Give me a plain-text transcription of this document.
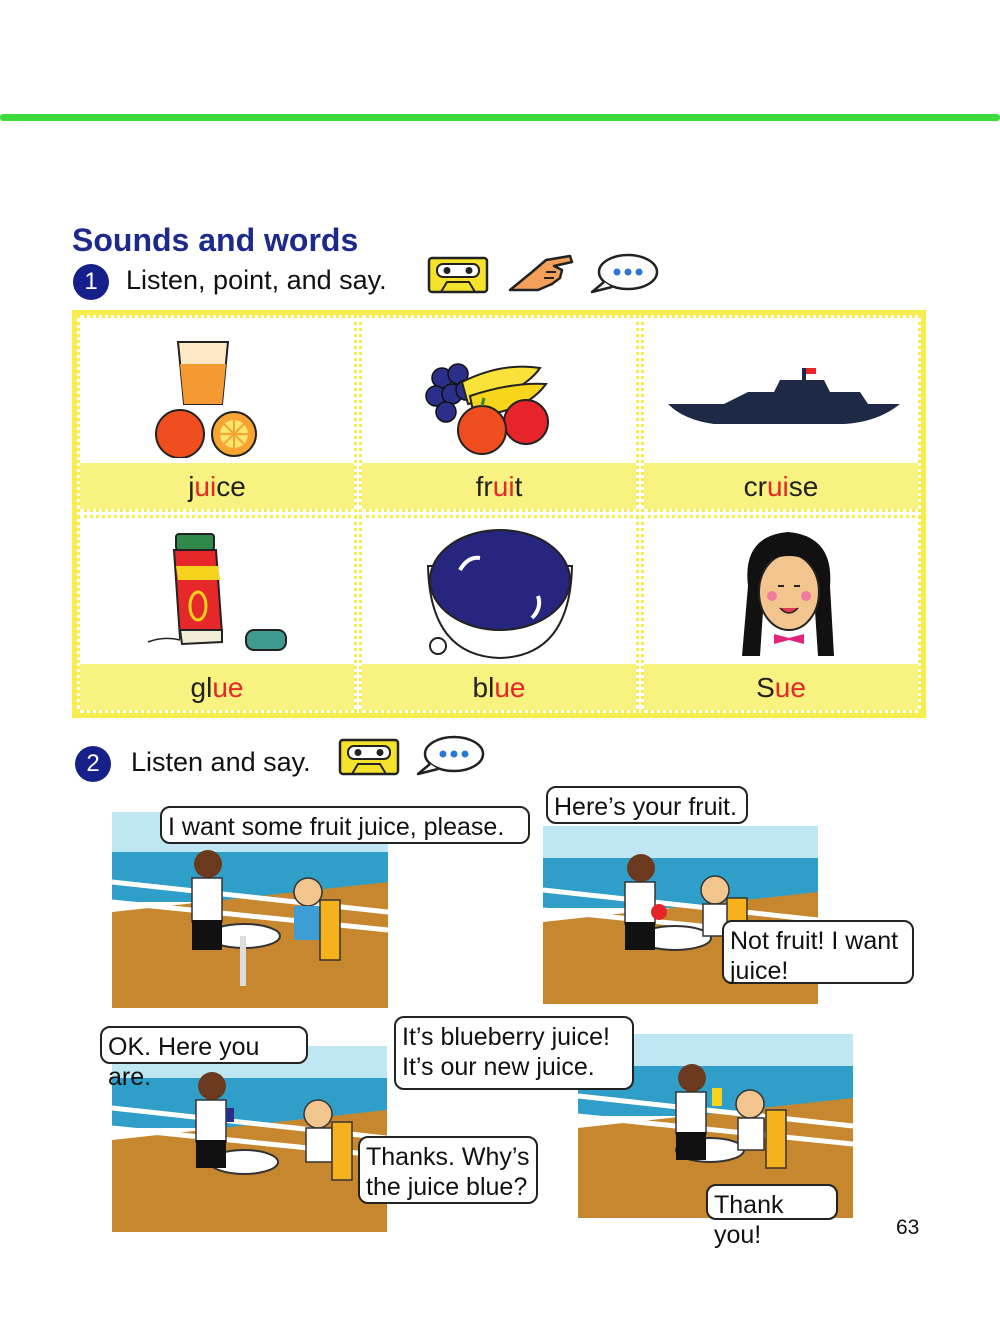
Sounds and words
1	Listen, point, and say.
juice	fruit	cruise
glue	blue	Sue
2	Listen and say.
I want some fruit juice, please.
Here’s your fruit.
Not fruit! I want juice!
OK. Here you are.
It’s blueberry juice! It’s our new juice.
Thanks. Why’s the juice blue?
Thank you!	63
